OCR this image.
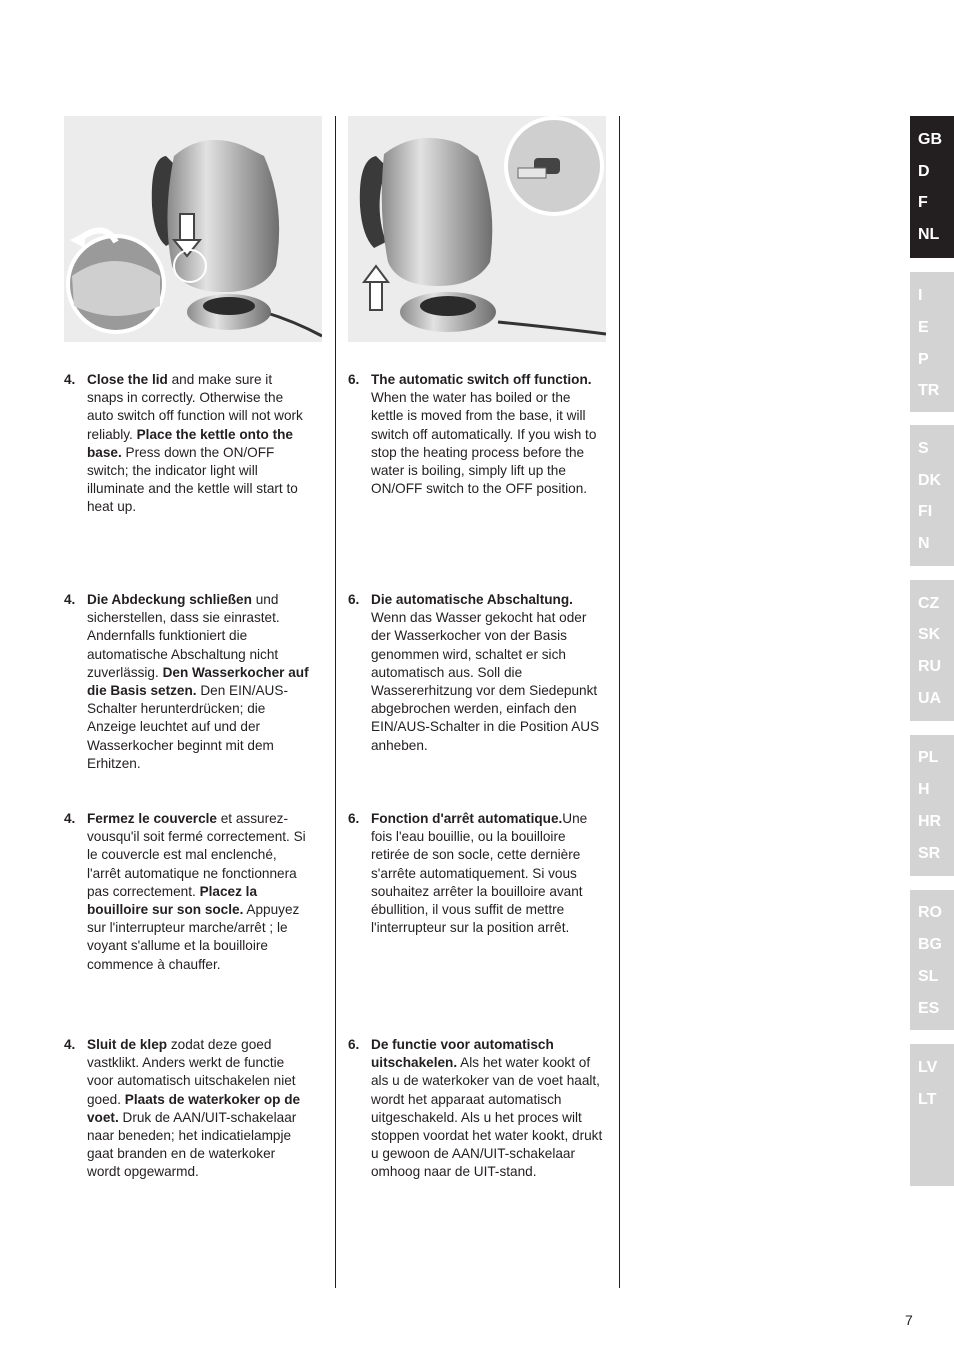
4. Close the lid and make sure it snaps in correctly. Otherwise the auto switch off function will not work reliably. Place the kettle onto the base. Press down the ON/OFF switch; the indicator light will illuminate and the kettle will start to heat up.
4. Die Abdeckung schließen und sicherstellen, dass sie einrastet. Andernfalls funktioniert die automatische Abschaltung nicht zuverlässig. Den Wasserkocher auf die Basis setzen. Den EIN/AUS-Schalter herunterdrücken; die Anzeige leuchtet auf und der Wasserkocher beginnt mit dem Erhitzen.
4. Fermez le couvercle et assurez-vousqu'il soit fermé correctement. Si le couvercle est mal enclenché, l'arrêt automatique ne fonctionnera pas correctement. Placez la bouilloire sur son socle. Appuyez sur l'interrupteur marche/arrêt ; le voyant s'allume et la bouilloire commence à chauffer.
4. Sluit de klep zodat deze goed vastklikt. Anders werkt de functie voor automatisch uitschakelen niet goed. Plaats de waterkoker op de voet. Druk de AAN/UIT-schakelaar naar beneden; het indicatielampje gaat branden en de waterkoker wordt opgewarmd.
6. The automatic switch off function. When the water has boiled or the kettle is moved from the base, it will switch off automatically. If you wish to stop the heating process before the water is boiling, simply lift up the ON/OFF switch to the OFF position.
6. Die automatische Abschaltung. Wenn das Wasser gekocht hat oder der Wasserkocher von der Basis genommen wird, schaltet er sich automatisch aus. Soll die Wassererhitzung vor dem Siedepunkt abgebrochen werden, einfach den EIN/AUS-Schalter in die Position AUS anheben.
6. Fonction d'arrêt automatique.Une fois l'eau bouillie, ou la bouilloire retirée de son socle, cette dernière s'arrête automatiquement. Si vous souhaitez arrêter la bouilloire avant ébullition, il vous suffit de mettre l'interrupteur sur la position arrêt.
6. De functie voor automatisch uitschakelen. Als het water kookt of als u de waterkoker van de voet haalt, wordt het apparaat automatisch uitgeschakeld. Als u het proces wilt stoppen voordat het water kookt, drukt u gewoon de AAN/UIT-schakelaar omhoog naar de UIT-stand.
GB
D
F
NL
I
E
P
TR
S
DK
FI
N
CZ
SK
RU
UA
PL
H
HR
SR
RO
BG
SL
ES
LV
LT
7
